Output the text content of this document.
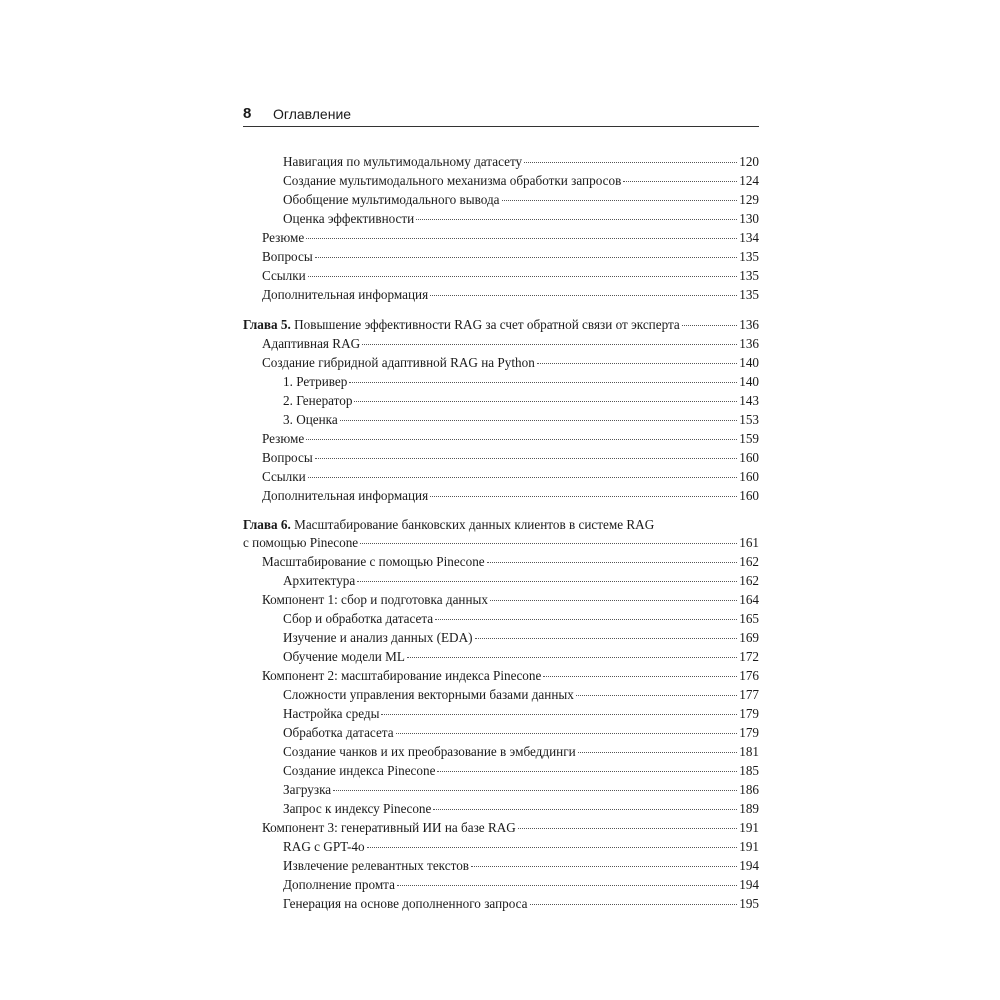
8 Оглавление
Навигация по мультимодальному датасету	120
Создание мультимодального механизма обработки запросов	124
Обобщение мультимодального вывода	129
Оценка эффективности	130
Резюме	134
Вопросы	135
Ссылки	135
Дополнительная информация	135
Глава 5. Повышение эффективности RAG за счет обратной связи от эксперта	136
Адаптивная RAG	136
Создание гибридной адаптивной RAG на Python	140
1. Ретривер	140
2. Генератор	143
3. Оценка	153
Резюме	159
Вопросы	160
Ссылки	160
Дополнительная информация	160
Глава 6. Масштабирование банковских данных клиентов в системе RAG
с помощью Pinecone	161
Масштабирование с помощью Pinecone	162
Архитектура	162
Компонент 1: сбор и подготовка данных	164
Сбор и обработка датасета	165
Изучение и анализ данных (EDA)	169
Обучение модели ML	172
Компонент 2: масштабирование индекса Pinecone	176
Сложности управления векторными базами данных	177
Настройка среды	179
Обработка датасета	179
Создание чанков и их преобразование в эмбеддинги	181
Создание индекса Pinecone	185
Загрузка	186
Запрос к индексу Pinecone	189
Компонент 3: генеративный ИИ на базе RAG	191
RAG с GPT-4o	191
Извлечение релевантных текстов	194
Дополнение промта	194
Генерация на основе дополненного запроса	195
